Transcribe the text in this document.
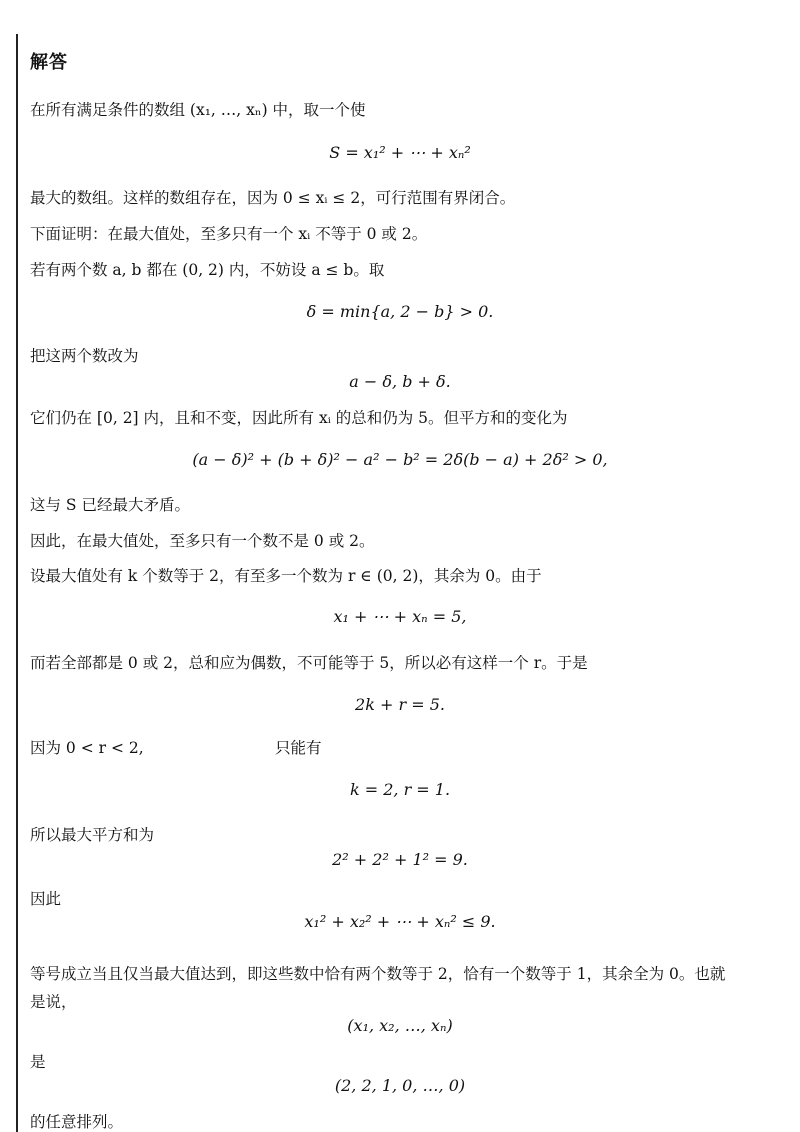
解答
在所有满足条件的数组 (x₁, …, xₙ) 中，取一个使
S = x₁² + ⋯ + xₙ²
最大的数组。这样的数组存在，因为 0 ≤ xᵢ ≤ 2，可行范围有界闭合。
下面证明：在最大值处，至多只有一个 xᵢ 不等于 0 或 2。
若有两个数 a, b 都在 (0, 2) 内，不妨设 a ≤ b。取
δ = min{a, 2 − b} > 0.
把这两个数改为
a − δ, b + δ.
它们仍在 [0, 2] 内，且和不变，因此所有 xᵢ 的总和仍为 5。但平方和的变化为
(a − δ)² + (b + δ)² − a² − b² = 2δ(b − a) + 2δ² > 0,
这与 S 已经最大矛盾。
因此，在最大值处，至多只有一个数不是 0 或 2。
设最大值处有 k 个数等于 2，有至多一个数为 r ∈ (0, 2)，其余为 0。由于
x₁ + ⋯ + xₙ = 5,
而若全部都是 0 或 2，总和应为偶数，不可能等于 5，所以必有这样一个 r。于是
2k + r = 5.
因为 0 < r < 2,	只能有
k = 2, r = 1.
所以最大平方和为
2² + 2² + 1² = 9.
因此
x₁² + x₂² + ⋯ + xₙ² ≤ 9.
等号成立当且仅当最大值达到，即这些数中恰有两个数等于 2，恰有一个数等于 1，其余全为 0。也就
是说，
(x₁, x₂, …, xₙ)
是
(2, 2, 1, 0, …, 0)
的任意排列。
